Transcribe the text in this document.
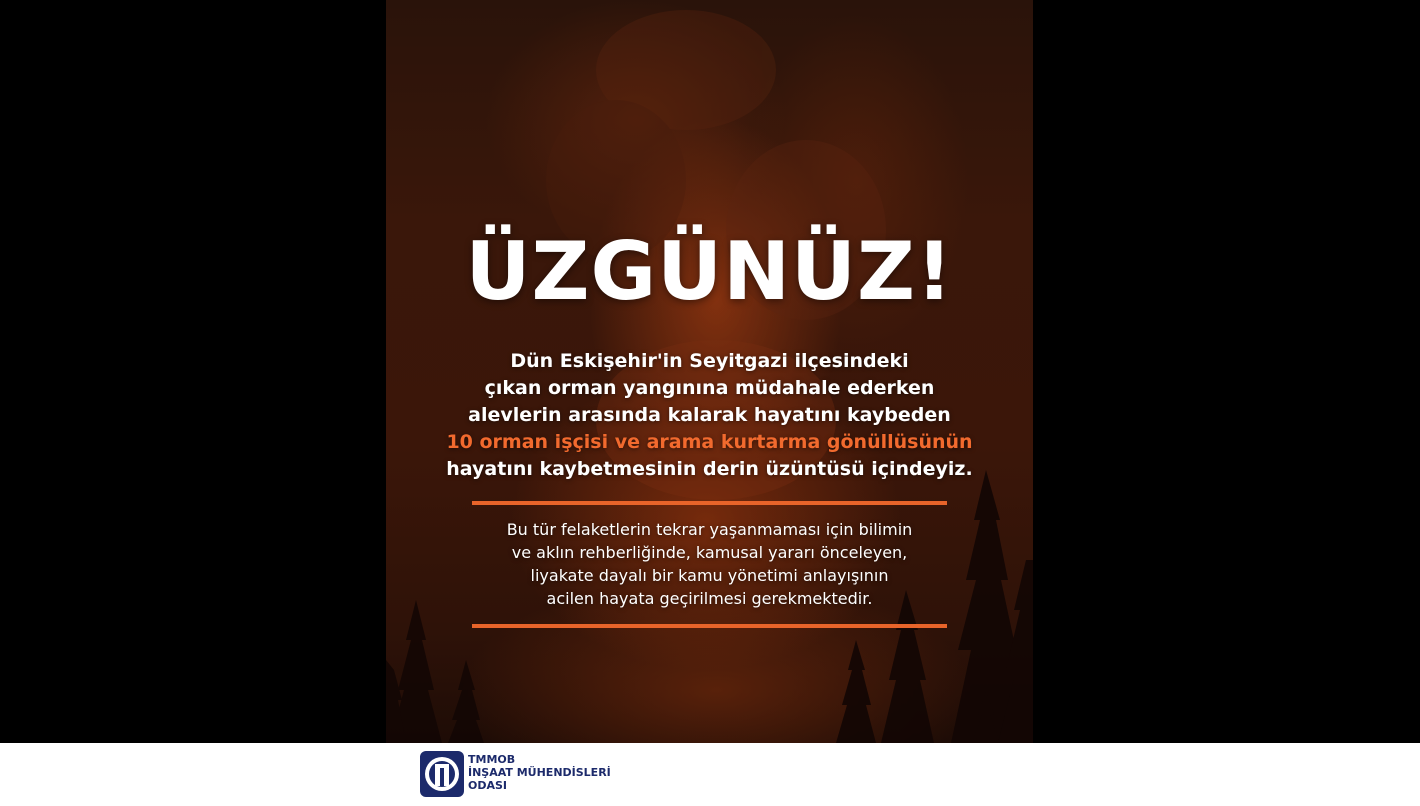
ÜZGÜNÜZ!
Dün Eskişehir'in Seyitgazi ilçesindeki
çıkan orman yangınına müdahale ederken
alevlerin arasında kalarak hayatını kaybeden
10 orman işçisi ve arama kurtarma gönüllüsünün
hayatını kaybetmesinin derin üzüntüsü içindeyiz.
Bu tür felaketlerin tekrar yaşanmaması için bilimin
ve aklın rehberliğinde, kamusal yararı önceleyen,
liyakate dayalı bir kamu yönetimi anlayışının
acilen hayata geçirilmesi gerekmektedir.
TMMOB
İNŞAAT MÜHENDİSLERİ
ODASI
